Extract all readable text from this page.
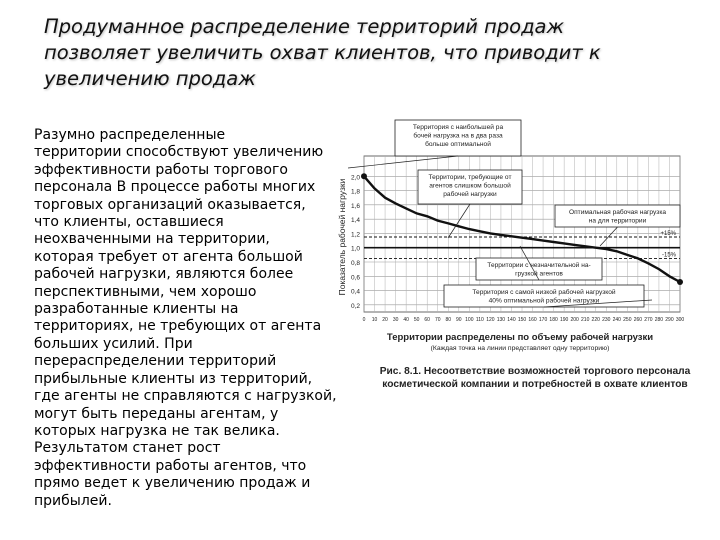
Продуманное распределение территорий продаж
позволяет увеличить охват клиентов, что приводит к
увеличению продаж
Разумно распределенные
территории способствуют увеличению
эффективности работы торгового
персонала В процессе работы многих
торговых организаций оказывается,
что клиенты, оставшиеся
неохваченными на территории,
которая требует от агента большой
рабочей нагрузки, являются более
перспективными, чем хорошо
разработанные клиенты на
территориях, не требующих от агента
больших усилий. При
перераспределении территорий
прибыльные клиенты из территорий,
где агенты не справляются с нагрузкой,
могут быть переданы агентам, у
которых нагрузка не так велика.
Результатом станет рост
эффективности работы агентов, что
прямо ведет к увеличению продаж и
прибылей.
2,0
1,8
1,6
1,4
1,2
1,0
0,8
0,6
0,4
0,2
0 10 20 30 40 50 60 70 80 90 100 110 120 130 140 150 160 170 180 190 200 210 220 230 240 250 260 270 280 290 300
+15%
-15%
Показатель рабочей нагрузки
Территория с наибольшей ра
бочей нагрузка на в два раза
больше оптимальной
Территории, требующие от
агентов слишком большой
рабочей нагрузки
Оптимальная рабочая нагрузка
на для территории
Территории с незначительной на-
грузкой агентов
Территория с самой низкой рабочей нагрузкой
40% оптимальной рабочей нагрузки
Территории распределены по объему рабочей нагрузки
(Каждая точка на линии представляет одну территорию)
Рис. 8.1. Несоответствие возможностей торгового персонала
косметической компании и потребностей в охвате клиентов
